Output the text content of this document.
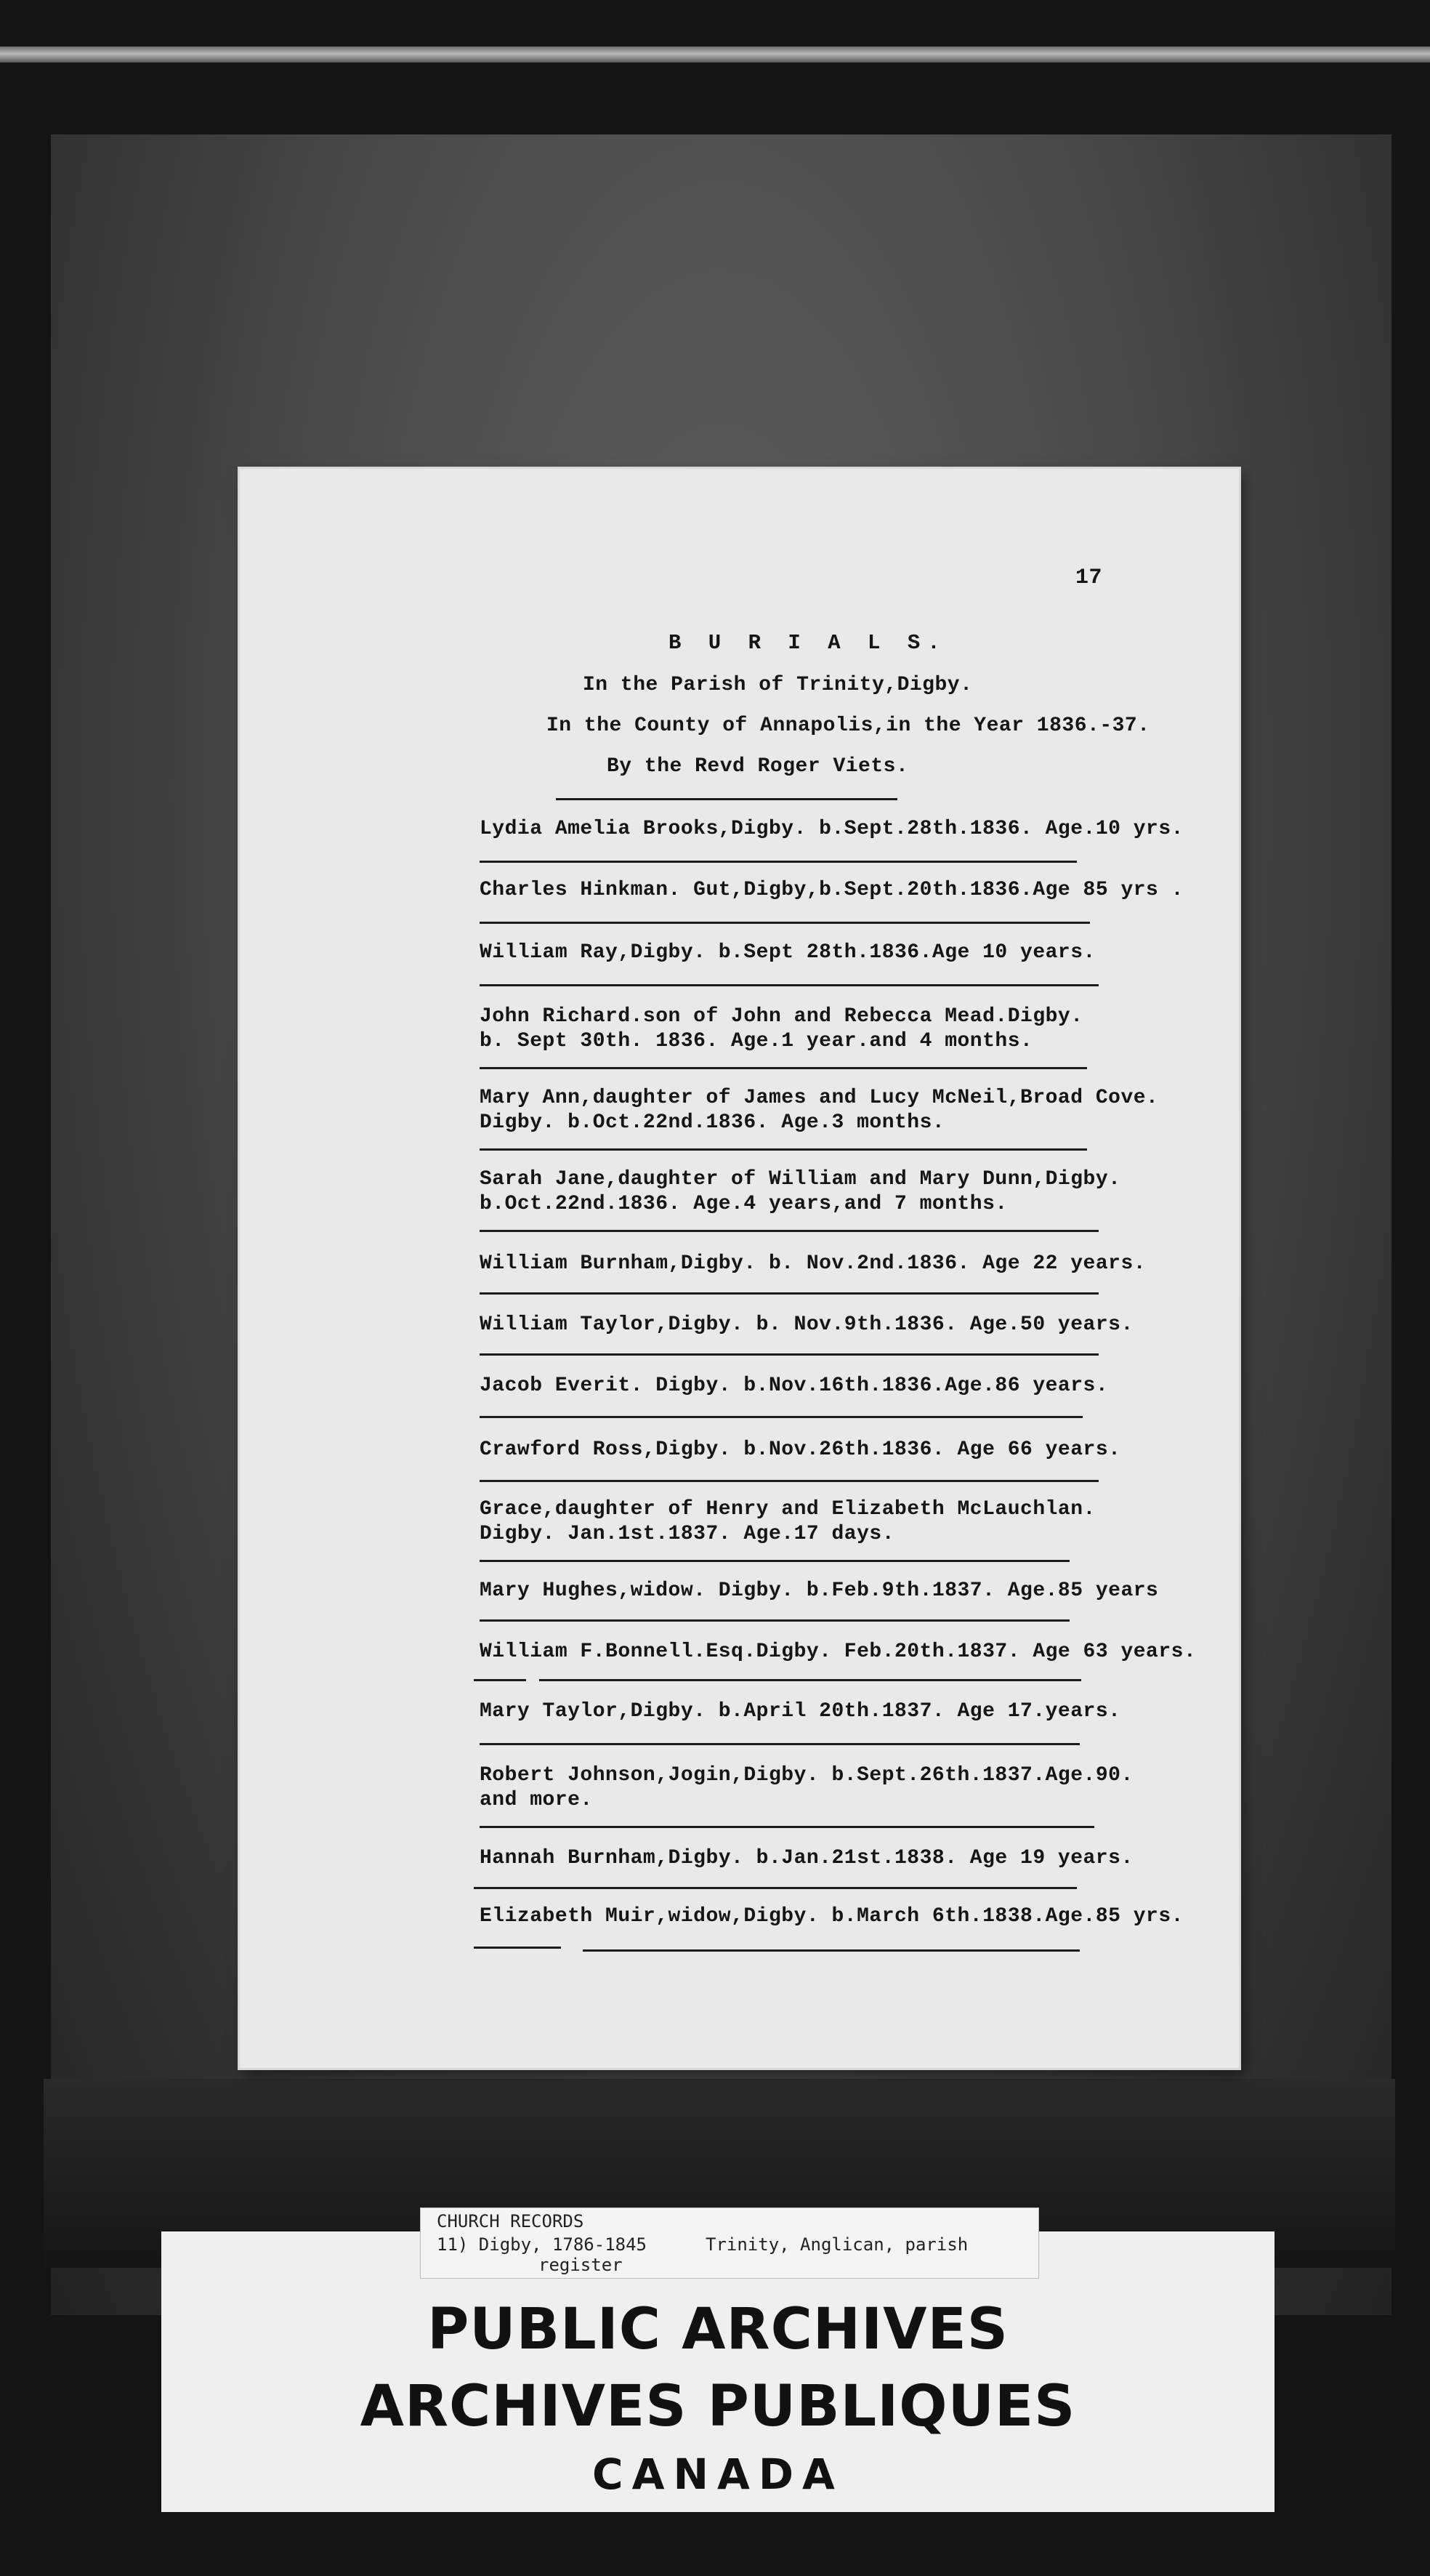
17
B U R I A L S.
In the Parish of Trinity,Digby.
In the County of Annapolis,in the Year 1836.-37.
By the Revd Roger Viets.
Lydia Amelia Brooks,Digby. b.Sept.28th.1836. Age.10 yrs.
Charles Hinkman. Gut,Digby,b.Sept.20th.1836.Age 85 yrs .
William Ray,Digby. b.Sept 28th.1836.Age 10 years.
John Richard.son of John and Rebecca Mead.Digby.
b. Sept 30th. 1836. Age.1 year.and 4 months.
Mary Ann,daughter of James and Lucy McNeil,Broad Cove.
Digby. b.Oct.22nd.1836. Age.3 months.
Sarah Jane,daughter of William and Mary Dunn,Digby.
b.Oct.22nd.1836. Age.4 years,and 7 months.
William Burnham,Digby. b. Nov.2nd.1836. Age 22 years.
William Taylor,Digby. b. Nov.9th.1836. Age.50 years.
Jacob Everit. Digby. b.Nov.16th.1836.Age.86 years.
Crawford Ross,Digby. b.Nov.26th.1836. Age 66 years.
Grace,daughter of Henry and Elizabeth McLauchlan.
Digby. Jan.1st.1837. Age.17 days.
Mary Hughes,widow. Digby. b.Feb.9th.1837. Age.85 years
William F.Bonnell.Esq.Digby. Feb.20th.1837. Age 63 years.
Mary Taylor,Digby. b.April 20th.1837. Age 17.years.
Robert Johnson,Jogin,Digby. b.Sept.26th.1837.Age.90.
and more.
Hannah Burnham,Digby. b.Jan.21st.1838. Age 19 years.
Elizabeth Muir,widow,Digby. b.March 6th.1838.Age.85 yrs.
PUBLIC ARCHIVES
ARCHIVES PUBLIQUES
CANADA
CHURCH RECORDS
11) Digby, 1786-1845	Trinity, Anglican, parish
register
